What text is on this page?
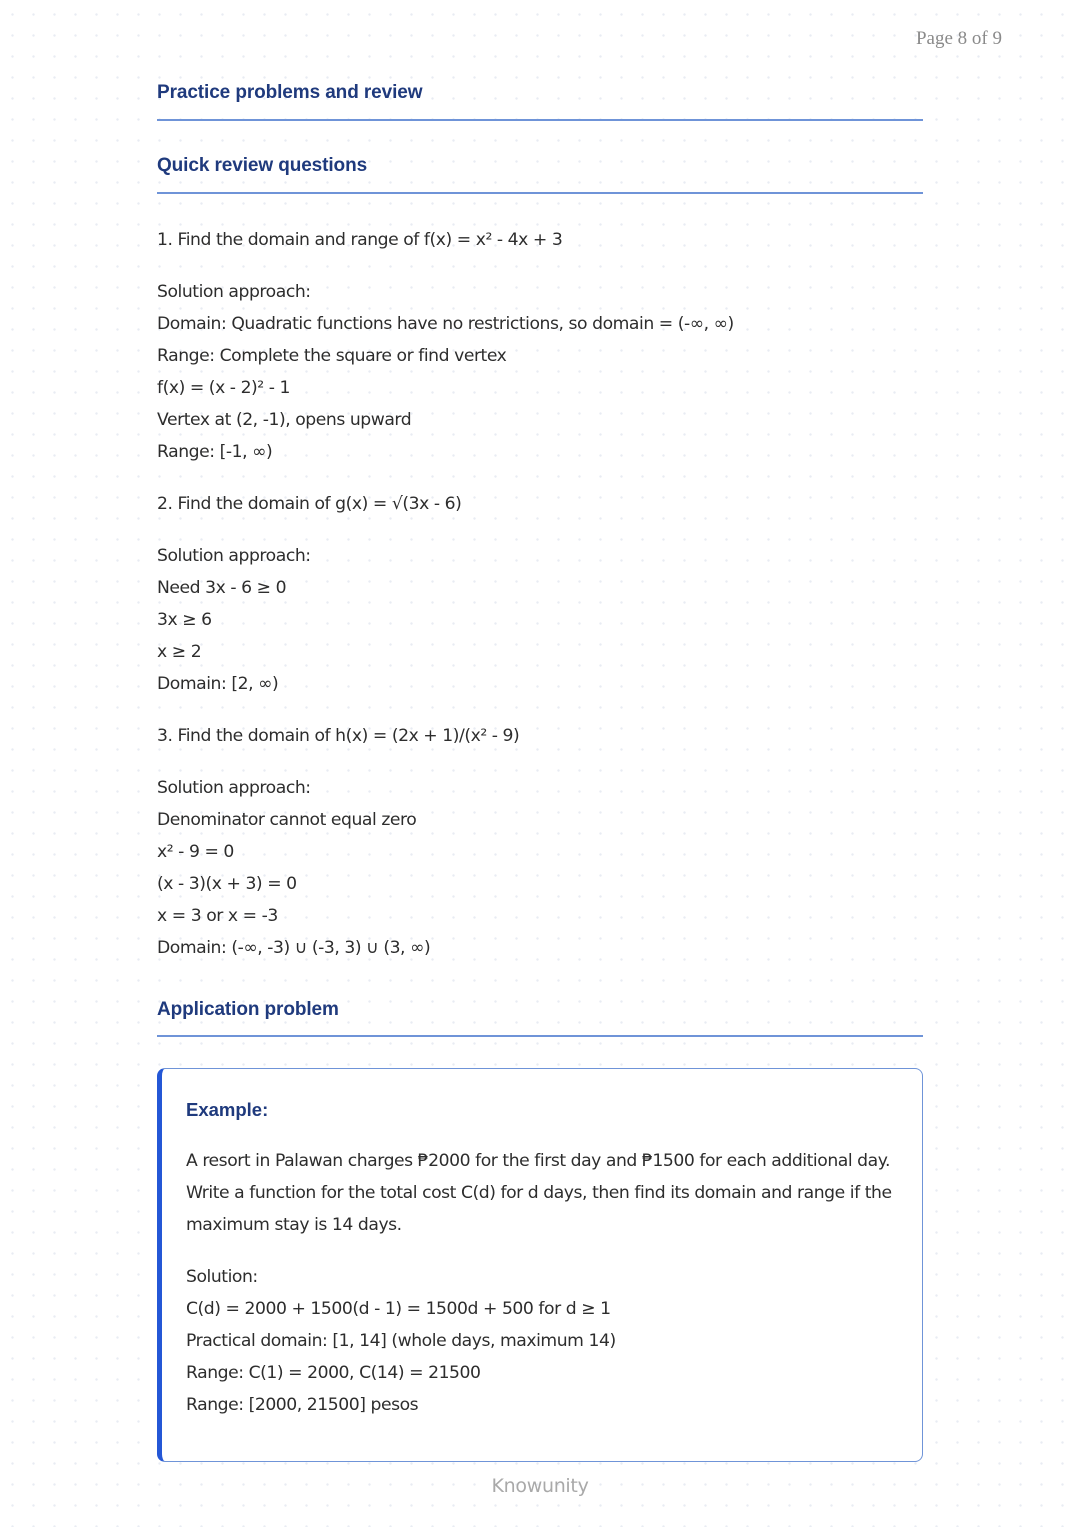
Page 8 of 9
Practice problems and review
Quick review questions
1. Find the domain and range of f(x) = x² - 4x + 3
Solution approach:
Domain: Quadratic functions have no restrictions, so domain = (-∞, ∞)
Range: Complete the square or find vertex
f(x) = (x - 2)² - 1
Vertex at (2, -1), opens upward
Range: [-1, ∞)
2. Find the domain of g(x) = √(3x - 6)
Solution approach:
Need 3x - 6 ≥ 0
3x ≥ 6
x ≥ 2
Domain: [2, ∞)
3. Find the domain of h(x) = (2x + 1)/(x² - 9)
Solution approach:
Denominator cannot equal zero
x² - 9 = 0
(x - 3)(x + 3) = 0
x = 3 or x = -3
Domain: (-∞, -3) ∪ (-3, 3) ∪ (3, ∞)
Application problem
Example:
A resort in Palawan charges ₱2000 for the first day and ₱1500 for each additional day.
Write a function for the total cost C(d) for d days, then find its domain and range if the
maximum stay is 14 days.
Solution:
C(d) = 2000 + 1500(d - 1) = 1500d + 500 for d ≥ 1
Practical domain: [1, 14] (whole days, maximum 14)
Range: C(1) = 2000, C(14) = 21500
Range: [2000, 21500] pesos
Knowunity
